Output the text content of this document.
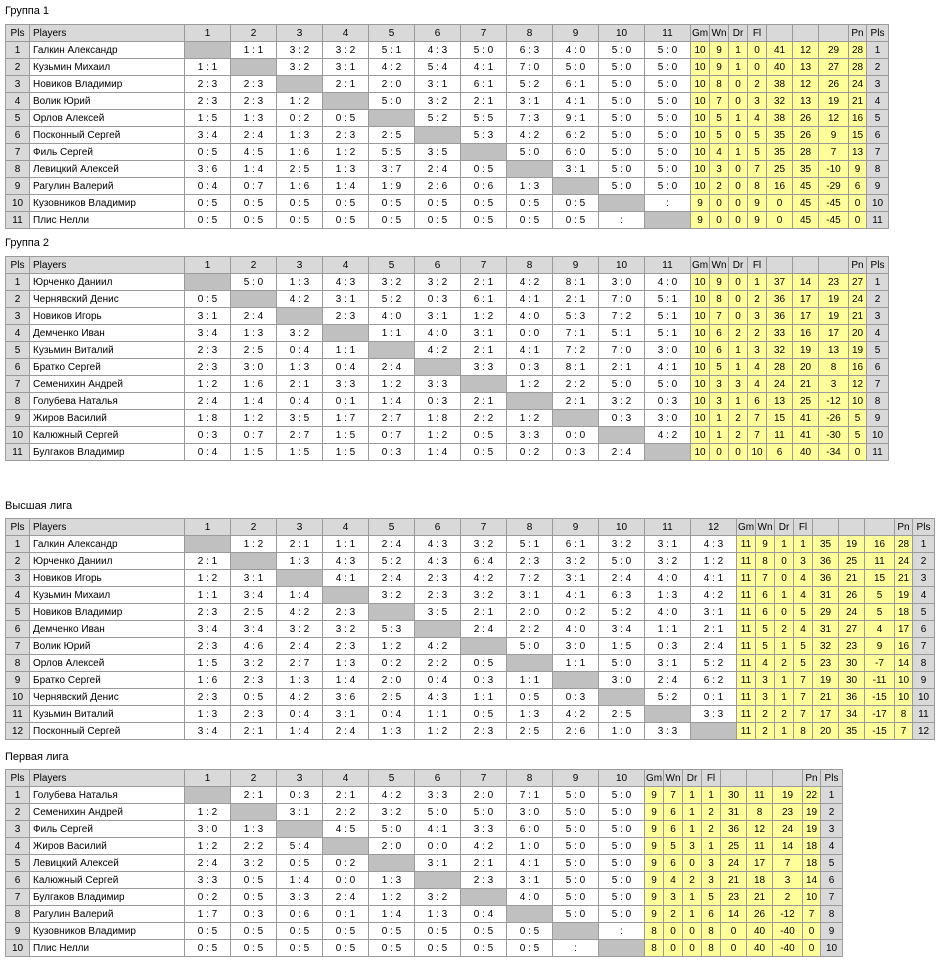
Группа 1
Pls	Players	1	2	3	4	5	6	7	8	9	10	11	Gm	Wn	Dr	Fl				Pn	Pls
1	Галкин Александр		1 : 1	3 : 2	3 : 2	5 : 1	4 : 3	5 : 0	6 : 3	4 : 0	5 : 0	5 : 0	10	9	1	0	41	12	29	28	1
2	Кузьмин Михаил	1 : 1		3 : 2	3 : 1	4 : 2	5 : 4	4 : 1	7 : 0	5 : 0	5 : 0	5 : 0	10	9	1	0	40	13	27	28	2
3	Новиков Владимир	2 : 3	2 : 3		2 : 1	2 : 0	3 : 1	6 : 1	5 : 2	6 : 1	5 : 0	5 : 0	10	8	0	2	38	12	26	24	3
4	Волик Юрий	2 : 3	2 : 3	1 : 2		5 : 0	3 : 2	2 : 1	3 : 1	4 : 1	5 : 0	5 : 0	10	7	0	3	32	13	19	21	4
5	Орлов Алексей	1 : 5	1 : 3	0 : 2	0 : 5		5 : 2	5 : 5	7 : 3	9 : 1	5 : 0	5 : 0	10	5	1	4	38	26	12	16	5
6	Посконный Сергей	3 : 4	2 : 4	1 : 3	2 : 3	2 : 5		5 : 3	4 : 2	6 : 2	5 : 0	5 : 0	10	5	0	5	35	26	9	15	6
7	Филь Сергей	0 : 5	4 : 5	1 : 6	1 : 2	5 : 5	3 : 5		5 : 0	6 : 0	5 : 0	5 : 0	10	4	1	5	35	28	7	13	7
8	Левицкий Алексей	3 : 6	1 : 4	2 : 5	1 : 3	3 : 7	2 : 4	0 : 5		3 : 1	5 : 0	5 : 0	10	3	0	7	25	35	-10	9	8
9	Рагулин Валерий	0 : 4	0 : 7	1 : 6	1 : 4	1 : 9	2 : 6	0 : 6	1 : 3		5 : 0	5 : 0	10	2	0	8	16	45	-29	6	9
10	Кузовников Владимир	0 : 5	0 : 5	0 : 5	0 : 5	0 : 5	0 : 5	0 : 5	0 : 5	0 : 5		:	9	0	0	9	0	45	-45	0	10
11	Плис Нелли	0 : 5	0 : 5	0 : 5	0 : 5	0 : 5	0 : 5	0 : 5	0 : 5	0 : 5	:		9	0	0	9	0	45	-45	0	11
Группа 2
Pls	Players	1	2	3	4	5	6	7	8	9	10	11	Gm	Wn	Dr	Fl				Pn	Pls
1	Юрченко Даниил		5 : 0	1 : 3	4 : 3	3 : 2	3 : 2	2 : 1	4 : 2	8 : 1	3 : 0	4 : 0	10	9	0	1	37	14	23	27	1
2	Чернявский Денис	0 : 5		4 : 2	3 : 1	5 : 2	0 : 3	6 : 1	4 : 1	2 : 1	7 : 0	5 : 1	10	8	0	2	36	17	19	24	2
3	Новиков Игорь	3 : 1	2 : 4		2 : 3	4 : 0	3 : 1	1 : 2	4 : 0	5 : 3	7 : 2	5 : 1	10	7	0	3	36	17	19	21	3
4	Демченко Иван	3 : 4	1 : 3	3 : 2		1 : 1	4 : 0	3 : 1	0 : 0	7 : 1	5 : 1	5 : 1	10	6	2	2	33	16	17	20	4
5	Кузьмин Виталий	2 : 3	2 : 5	0 : 4	1 : 1		4 : 2	2 : 1	4 : 1	7 : 2	7 : 0	3 : 0	10	6	1	3	32	19	13	19	5
6	Братко Сергей	2 : 3	3 : 0	1 : 3	0 : 4	2 : 4		3 : 3	0 : 3	8 : 1	2 : 1	4 : 1	10	5	1	4	28	20	8	16	6
7	Семенихин Андрей	1 : 2	1 : 6	2 : 1	3 : 3	1 : 2	3 : 3		1 : 2	2 : 2	5 : 0	5 : 0	10	3	3	4	24	21	3	12	7
8	Голубева Наталья	2 : 4	1 : 4	0 : 4	0 : 1	1 : 4	0 : 3	2 : 1		2 : 1	3 : 2	0 : 3	10	3	1	6	13	25	-12	10	8
9	Жиров Василий	1 : 8	1 : 2	3 : 5	1 : 7	2 : 7	1 : 8	2 : 2	1 : 2		0 : 3	3 : 0	10	1	2	7	15	41	-26	5	9
10	Калюжный Сергей	0 : 3	0 : 7	2 : 7	1 : 5	0 : 7	1 : 2	0 : 5	3 : 3	0 : 0		4 : 2	10	1	2	7	11	41	-30	5	10
11	Булгаков Владимир	0 : 4	1 : 5	1 : 5	1 : 5	0 : 3	1 : 4	0 : 5	0 : 2	0 : 3	2 : 4		10	0	0	10	6	40	-34	0	11
Высшая лига
Pls	Players	1	2	3	4	5	6	7	8	9	10	11	12	Gm	Wn	Dr	Fl				Pn	Pls
1	Галкин Александр		1 : 2	2 : 1	1 : 1	2 : 4	4 : 3	3 : 2	5 : 1	6 : 1	3 : 2	3 : 1	4 : 3	11	9	1	1	35	19	16	28	1
2	Юрченко Даниил	2 : 1		1 : 3	4 : 3	5 : 2	4 : 3	6 : 4	2 : 3	3 : 2	5 : 0	3 : 2	1 : 2	11	8	0	3	36	25	11	24	2
3	Новиков Игорь	1 : 2	3 : 1		4 : 1	2 : 4	2 : 3	4 : 2	7 : 2	3 : 1	2 : 4	4 : 0	4 : 1	11	7	0	4	36	21	15	21	3
4	Кузьмин Михаил	1 : 1	3 : 4	1 : 4		3 : 2	2 : 3	3 : 2	3 : 1	4 : 1	6 : 3	1 : 3	4 : 2	11	6	1	4	31	26	5	19	4
5	Новиков Владимир	2 : 3	2 : 5	4 : 2	2 : 3		3 : 5	2 : 1	2 : 0	0 : 2	5 : 2	4 : 0	3 : 1	11	6	0	5	29	24	5	18	5
6	Демченко Иван	3 : 4	3 : 4	3 : 2	3 : 2	5 : 3		2 : 4	2 : 2	4 : 0	3 : 4	1 : 1	2 : 1	11	5	2	4	31	27	4	17	6
7	Волик Юрий	2 : 3	4 : 6	2 : 4	2 : 3	1 : 2	4 : 2		5 : 0	3 : 0	1 : 5	0 : 3	2 : 4	11	5	1	5	32	23	9	16	7
8	Орлов Алексей	1 : 5	3 : 2	2 : 7	1 : 3	0 : 2	2 : 2	0 : 5		1 : 1	5 : 0	3 : 1	5 : 2	11	4	2	5	23	30	-7	14	8
9	Братко Сергей	1 : 6	2 : 3	1 : 3	1 : 4	2 : 0	0 : 4	0 : 3	1 : 1		3 : 0	2 : 4	6 : 2	11	3	1	7	19	30	-11	10	9
10	Чернявский Денис	2 : 3	0 : 5	4 : 2	3 : 6	2 : 5	4 : 3	1 : 1	0 : 5	0 : 3		5 : 2	0 : 1	11	3	1	7	21	36	-15	10	10
11	Кузьмин Виталий	1 : 3	2 : 3	0 : 4	3 : 1	0 : 4	1 : 1	0 : 5	1 : 3	4 : 2	2 : 5		3 : 3	11	2	2	7	17	34	-17	8	11
12	Посконный Сергей	3 : 4	2 : 1	1 : 4	2 : 4	1 : 3	1 : 2	2 : 3	2 : 5	2 : 6	1 : 0	3 : 3		11	2	1	8	20	35	-15	7	12
Первая лига
Pls	Players	1	2	3	4	5	6	7	8	9	10	Gm	Wn	Dr	Fl				Pn	Pls
1	Голубева Наталья		2 : 1	0 : 3	2 : 1	4 : 2	3 : 3	2 : 0	7 : 1	5 : 0	5 : 0	9	7	1	1	30	11	19	22	1
2	Семенихин Андрей	1 : 2		3 : 1	2 : 2	3 : 2	5 : 0	5 : 0	3 : 0	5 : 0	5 : 0	9	6	1	2	31	8	23	19	2
3	Филь Сергей	3 : 0	1 : 3		4 : 5	5 : 0	4 : 1	3 : 3	6 : 0	5 : 0	5 : 0	9	6	1	2	36	12	24	19	3
4	Жиров Василий	1 : 2	2 : 2	5 : 4		2 : 0	0 : 0	4 : 2	1 : 0	5 : 0	5 : 0	9	5	3	1	25	11	14	18	4
5	Левицкий Алексей	2 : 4	3 : 2	0 : 5	0 : 2		3 : 1	2 : 1	4 : 1	5 : 0	5 : 0	9	6	0	3	24	17	7	18	5
6	Калюжный Сергей	3 : 3	0 : 5	1 : 4	0 : 0	1 : 3		2 : 3	3 : 1	5 : 0	5 : 0	9	4	2	3	21	18	3	14	6
7	Булгаков Владимир	0 : 2	0 : 5	3 : 3	2 : 4	1 : 2	3 : 2		4 : 0	5 : 0	5 : 0	9	3	1	5	23	21	2	10	7
8	Рагулин Валерий	1 : 7	0 : 3	0 : 6	0 : 1	1 : 4	1 : 3	0 : 4		5 : 0	5 : 0	9	2	1	6	14	26	-12	7	8
9	Кузовников Владимир	0 : 5	0 : 5	0 : 5	0 : 5	0 : 5	0 : 5	0 : 5	0 : 5		:	8	0	0	8	0	40	-40	0	9
10	Плис Нелли	0 : 5	0 : 5	0 : 5	0 : 5	0 : 5	0 : 5	0 : 5	0 : 5	:		8	0	0	8	0	40	-40	0	10
